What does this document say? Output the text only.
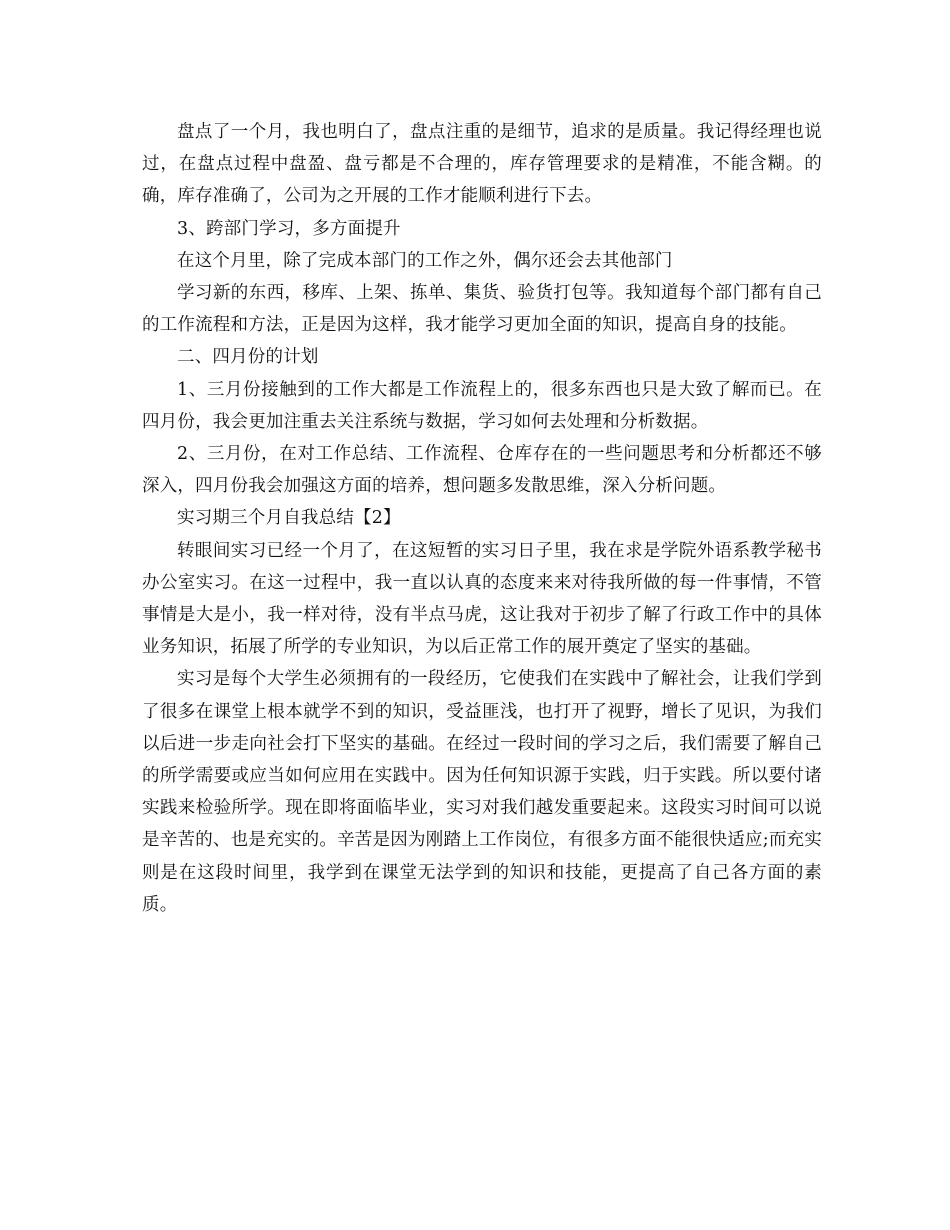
盘点了一个月，我也明白了，盘点注重的是细节，追求的是质量。我记得经理也说过，在盘点过程中盘盈、盘亏都是不合理的，库存管理要求的是精准，不能含糊。的确，库存准确了，公司为之开展的工作才能顺利进行下去。

3、跨部门学习，多方面提升

在这个月里，除了完成本部门的工作之外，偶尔还会去其他部门

学习新的东西，移库、上架、拣单、集货、验货打包等。我知道每个部门都有自己的工作流程和方法，正是因为这样，我才能学习更加全面的知识，提高自身的技能。

二、四月份的计划

1、三月份接触到的工作大都是工作流程上的，很多东西也只是大致了解而已。在四月份，我会更加注重去关注系统与数据，学习如何去处理和分析数据。

2、三月份，在对工作总结、工作流程、仓库存在的一些问题思考和分析都还不够深入，四月份我会加强这方面的培养，想问题多发散思维，深入分析问题。

实习期三个月自我总结【2】

转眼间实习已经一个月了，在这短暂的实习日子里，我在求是学院外语系教学秘书办公室实习。在这一过程中，我一直以认真的态度来来对待我所做的每一件事情，不管事情是大是小，我一样对待，没有半点马虎，这让我对于初步了解了行政工作中的具体业务知识，拓展了所学的专业知识，为以后正常工作的展开奠定了坚实的基础。

实习是每个大学生必须拥有的一段经历，它使我们在实践中了解社会，让我们学到了很多在课堂上根本就学不到的知识，受益匪浅，也打开了视野，增长了见识，为我们以后进一步走向社会打下坚实的基础。在经过一段时间的学习之后，我们需要了解自己的所学需要或应当如何应用在实践中。因为任何知识源于实践，归于实践。所以要付诸实践来检验所学。现在即将面临毕业，实习对我们越发重要起来。这段实习时间可以说是辛苦的、也是充实的。辛苦是因为刚踏上工作岗位，有很多方面不能很快适应;而充实则是在这段时间里，我学到在课堂无法学到的知识和技能，更提高了自己各方面的素质。
